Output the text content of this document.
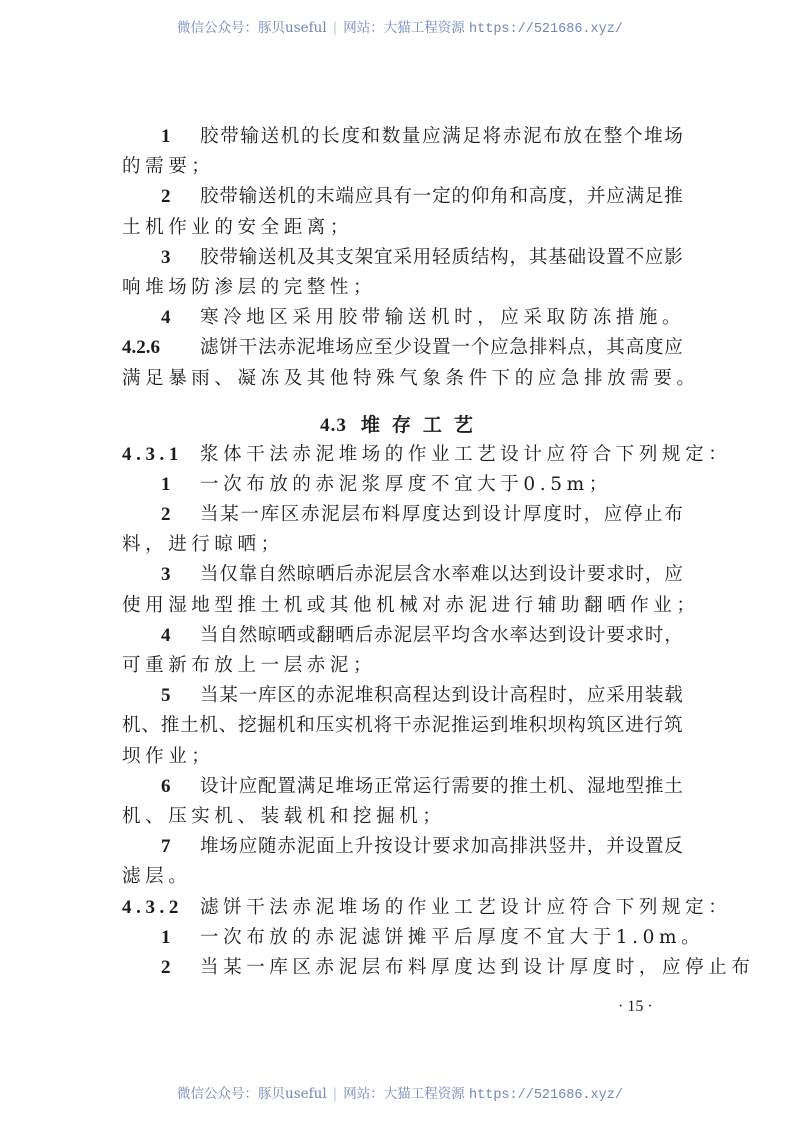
微信公众号：豚贝useful | 网站：大猫工程资源 https://521686.xyz/
1	胶 带 输 送 机 的 长 度 和 数 量 应 满 足 将 赤 泥 布 放 在 整 个 堆 场
的需要；
2	胶 带 输 送 机 的 末 端 应 具 有 一 定 的 仰 角 和 高 度 ， 并 应 满 足 推
土机作业的安全距离；
3	胶 带 输 送 机 及 其 支 架 宜 采 用 轻 质 结 构 ， 其 基 础 设 置 不 应 影
响堆场防渗层的完整性；
4	寒冷地区采用胶带输送机时，应采取防冻措施。
4.2.6	滤 饼 干 法 赤 泥 堆 场 应 至 少 设 置 一 个 应 急 排 料 点 ， 其 高 度 应
满足暴雨、凝冻及其他特殊气象条件下的应急排放需要。
4.3 堆存工艺
4.3.1 浆体干法赤泥堆场的作业工艺设计应符合下列规定：
1	一次布放的赤泥浆厚度不宜大于0.5m；
2	当 某 一 库 区 赤 泥 层 布 料 厚 度 达 到 设 计 厚 度 时 ， 应 停 止 布
料，进行晾晒；
3	当 仅 靠 自 然 晾 晒 后 赤 泥 层 含 水 率 难 以 达 到 设 计 要 求 时 ， 应
使用湿地型推土机或其他机械对赤泥进行辅助翻晒作业；
4	当 自 然 晾 晒 或 翻 晒 后 赤 泥 层 平 均 含 水 率 达 到 设 计 要 求 时 ，
可重新布放上一层赤泥；
5	当 某 一 库 区 的 赤 泥 堆 积 高 程 达 到 设 计 高 程 时 ， 应 采 用 装 载
机 、 推 土 机 、 挖 掘 机 和 压 实 机 将 干 赤 泥 推 运 到 堆 积 坝 构 筑 区 进 行 筑
坝作业；
6	设 计 应 配 置 满 足 堆 场 正 常 运 行 需 要 的 推 土 机 、 湿 地 型 推 土
机、压实机、装载机和挖掘机；
7	堆 场 应 随 赤 泥 面 上 升 按 设 计 要 求 加 高 排 洪 竖 井 ， 并 设 置 反
滤层。
4.3.2 滤饼干法赤泥堆场的作业工艺设计应符合下列规定：
1	一次布放的赤泥滤饼摊平后厚度不宜大于1.0m。
2	当某一库区赤泥层布料厚度达到设计厚度时，应停止布
· 15 ·
微信公众号：豚贝useful | 网站：大猫工程资源 https://521686.xyz/
